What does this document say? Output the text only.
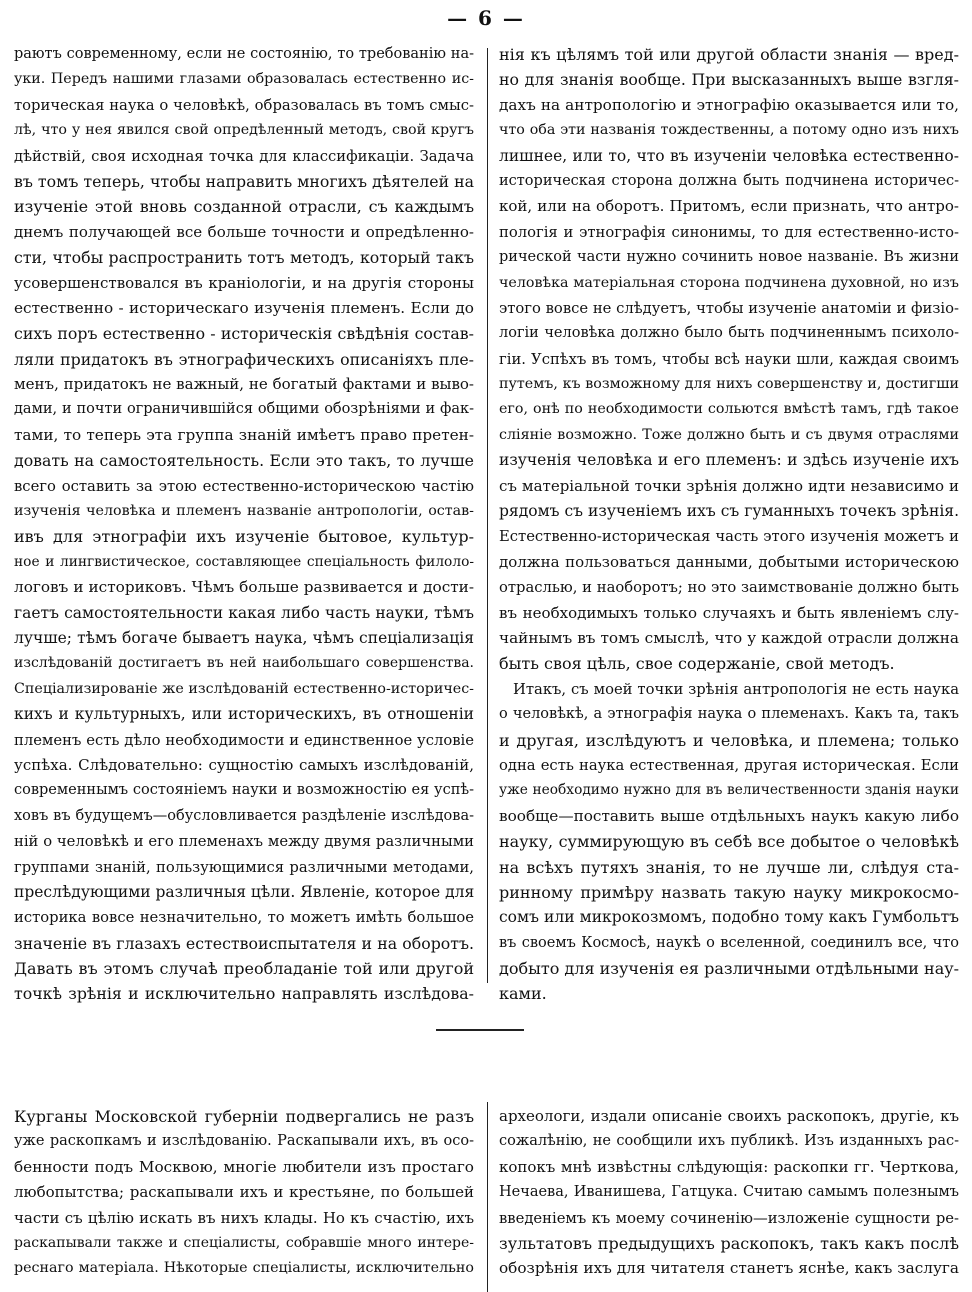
— 6 —
раютъ современному, если не состоянію, то требованію на-
уки. Передъ нашими глазами образовалась естественно ис-
торическая наука о человѣкѣ, образовалась въ томъ смыс-
лѣ, что у нея явился свой опредѣленный методъ, свой кругъ
дѣйствій, своя исходная точка для классификаціи. Задача
въ томъ теперь, чтобы направить многихъ дѣятелей на
изученіе этой вновь созданной отрасли, съ каждымъ
днемъ получающей все больше точности и опредѣленно-
сти, чтобы распространить тотъ методъ, который такъ
усовершенствовался въ краніологіи, и на другія стороны
естественно - историческаго изученія племенъ. Если до
сихъ поръ естественно - историческія свѣдѣнія состав-
ляли придатокъ въ этнографическихъ описаніяхъ пле-
менъ, придатокъ не важный, не богатый фактами и выво-
дами, и почти ограничившійся общими обозрѣніями и фак-
тами, то теперь эта группа знаній имѣетъ право претен-
довать на самостоятельность. Если это такъ, то лучше
всего оставить за этою естественно-историческою частію
изученія человѣка и племенъ названіе антропологіи, остав-
ивъ для этнографіи ихъ изученіе бытовое, культур-
ное и лингвистическое, составляющее спеціальность филоло-
логовъ и историковъ. Чѣмъ больше развивается и дости-
гаетъ самостоятельности какая либо часть науки, тѣмъ
лучше; тѣмъ богаче бываетъ наука, чѣмъ спеціализація
изслѣдованій достигаетъ въ ней наибольшаго совершенства.
Спеціализированіе же изслѣдованій естественно-историчес-
кихъ и культурныхъ, или историческихъ, въ отношеніи
племенъ есть дѣло необходимости и единственное условіе
успѣха. Слѣдовательно: сущностію самыхъ изслѣдованій,
современнымъ состояніемъ науки и возможностію ея успѣ-
ховъ въ будущемъ—обусловливается раздѣленіе изслѣдова-
ній о человѣкѣ и его племенахъ между двумя различными
группами знаній, пользующимися различными методами,
преслѣдующими различныя цѣли. Явленіе, которое для
историка вовсе незначительно, то можетъ имѣть большое
значеніе въ глазахъ естествоиспытателя и на оборотъ.
Давать въ этомъ случаѣ преобладаніе той или другой
точкѣ зрѣнія и исключительно направлять изслѣдова-
нія къ цѣлямъ той или другой области знанія — вред-
но для знанія вообще. При высказанныхъ выше взгля-
дахъ на антропологію и этнографію оказывается или то,
что оба эти названія тождественны, а потому одно изъ нихъ
лишнее, или то, что въ изученіи человѣка естественно-
историческая сторона должна быть подчинена историчес-
кой, или на оборотъ. Притомъ, если признать, что антро-
пологія и этнографія синонимы, то для естественно-исто-
рической части нужно сочинить новое названіе. Въ жизни
человѣка матеріальная сторона подчинена духовной, но изъ
этого вовсе не слѣдуетъ, чтобы изученіе анатоміи и физіо-
логіи человѣка должно было быть подчиненнымъ психоло-
гіи. Успѣхъ въ томъ, чтобы всѣ науки шли, каждая своимъ
путемъ, къ возможному для нихъ совершенству и, достигши
его, онѣ по необходимости сольются вмѣстѣ тамъ, гдѣ такое
сліяніе возможно. Тоже должно быть и съ двумя отраслями
изученія человѣка и его племенъ: и здѣсь изученіе ихъ
съ матеріальной точки зрѣнія должно идти независимо и
рядомъ съ изученіемъ ихъ съ гуманныхъ точекъ зрѣнія.
Естественно-историческая часть этого изученія можетъ и
должна пользоваться данными, добытыми историческою
отраслью, и наоборотъ; но это заимствованіе должно быть
въ необходимыхъ только случаяхъ и быть явленіемъ слу-
чайнымъ въ томъ смыслѣ, что у каждой отрасли должна
быть своя цѣль, свое содержаніе, свой методъ.
Итакъ, съ моей точки зрѣнія антропологія не есть наука
о человѣкѣ, а этнографія наука о племенахъ. Какъ та, такъ
и другая, изслѣдуютъ и человѣка, и племена; только
одна есть наука естественная, другая историческая. Если
уже необходимо нужно для въ величественности зданія науки
вообще—поставить выше отдѣльныхъ наукъ какую либо
науку, суммирующую въ себѣ все добытое о человѣкѣ
на всѣхъ путяхъ знанія, то не лучше ли, слѣдуя ста-
ринному примѣру назвать такую науку микрокосмо-
сомъ или микрокозмомъ, подобно тому какъ Гумбольтъ
въ своемъ Космосѣ, наукѣ о вселенной, соединилъ все, что
добыто для изученія ея различными отдѣльными нау-
ками.
Курганы Московской губерніи подвергались не разъ
уже раскопкамъ и изслѣдованію. Раскапывали ихъ, въ осо-
бенности подъ Москвою, многіе любители изъ простаго
любопытства; раскапывали ихъ и крестьяне, по большей
части съ цѣлію искать въ нихъ клады. Но къ счастію, ихъ
раскапывали также и спеціалисты, собравшіе много интере-
реснаго матеріала. Нѣкоторые спеціалисты, исключительно
археологи, издали описаніе своихъ раскопокъ, другіе, къ
сожалѣнію, не сообщили ихъ публикѣ. Изъ изданныхъ рас-
копокъ мнѣ извѣстны слѣдующія: раскопки гг. Черткова,
Нечаева, Иванишева, Гатцука. Считаю самымъ полезнымъ
введеніемъ къ моему сочиненію—изложеніе сущности ре-
зультатовъ предыдущихъ раскопокъ, такъ какъ послѣ
обозрѣнія ихъ для читателя станетъ яснѣе, какъ заслуга
